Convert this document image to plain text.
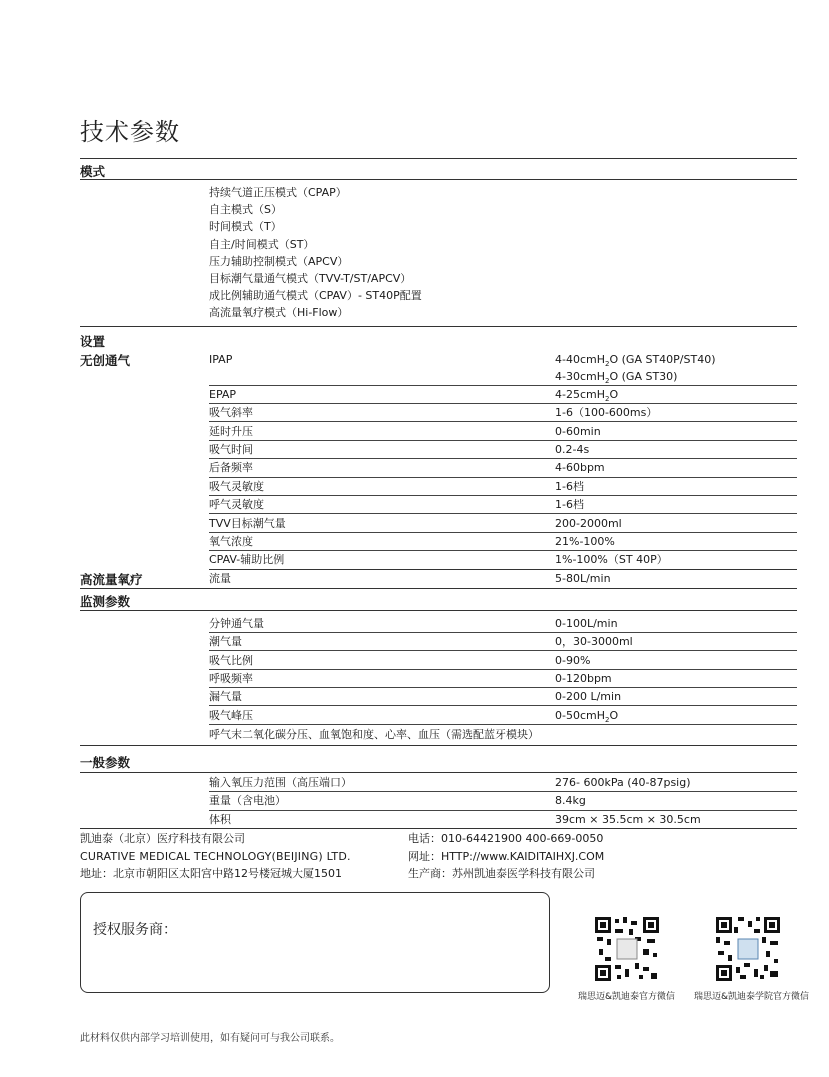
技术参数
模式
持续气道正压模式（CPAP）
自主模式（S）
时间模式（T）
自主/时间模式（ST）
压力辅助控制模式（APCV）
目标潮气量通气模式（TVV-T/ST/APCV）
成比例辅助通气模式（CPAV）- ST40P配置
高流量氧疗模式（Hi-Flow）
设置
无创通气	IPAP	4-40cmH$_2$O (GA ST40P/ST40)
4-30cmH$_2$O (GA ST30)
EPAP	4-25cmH$_2$O
吸气斜率	1-6（100-600ms）
延时升压	0-60min
吸气时间	0.2-4s
后备频率	4-60bpm
吸气灵敏度	1-6档
呼气灵敏度	1-6档
TVV目标潮气量	200-2000ml
氧气浓度	21%-100%
CPAV-辅助比例	1%-100%（ST 40P）
高流量氧疗	流量	5-80L/min
监测参数
分钟通气量	0-100L/min
潮气量	0，30-3000ml
吸气比例	0-90%
呼吸频率	0-120bpm
漏气量	0-200 L/min
吸气峰压	0-50cmH$_2$O
呼气末二氧化碳分压、血氧饱和度、心率、血压（需选配蓝牙模块）
一般参数
输入氧压力范围（高压端口）	276- 600kPa (40-87psig)
重量（含电池）	8.4kg
体积	39cm × 35.5cm × 30.5cm
凯迪泰（北京）医疗科技有限公司
CURATIVE MEDICAL TECHNOLOGY(BEIJING) LTD.
地址：北京市朝阳区太阳宫中路12号楼冠城大厦1501
电话：010-64421900 400-669-0050
网址：HTTP://www.KAIDITAIHXJ.COM
生产商：苏州凯迪泰医学科技有限公司
授权服务商：
瑞思迈&凯迪泰官方微信 瑞思迈&凯迪泰学院官方微信
此材料仅供内部学习培训使用，如有疑问可与我公司联系。
